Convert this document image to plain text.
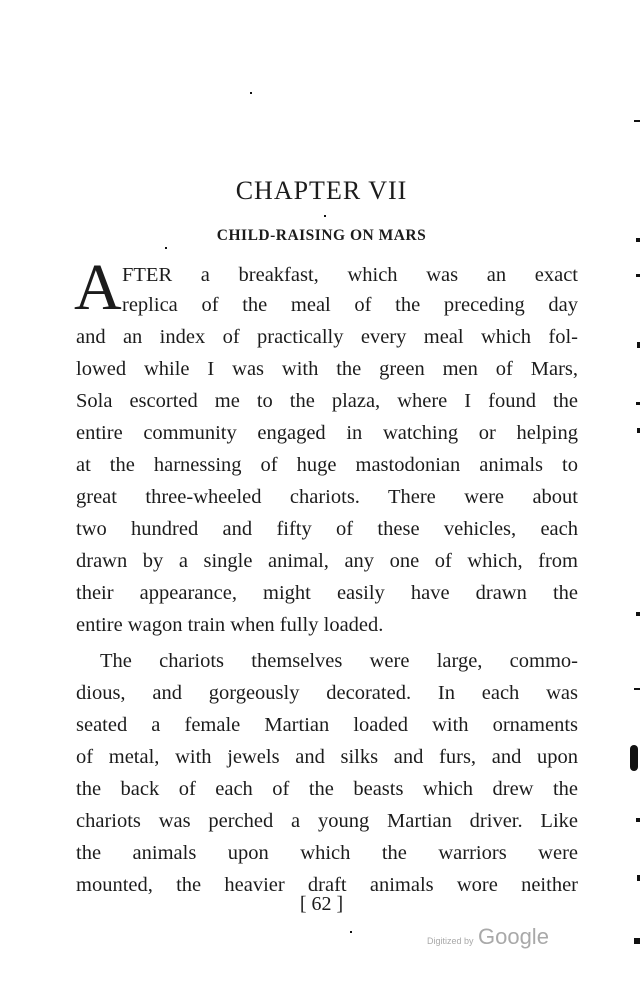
CHAPTER VII
CHILD-RAISING ON MARS
A FTER a breakfast, which was an exact
replica of the meal of the preceding day
and an index of practically every meal which fol-
lowed while I was with the green men of Mars,
Sola escorted me to the plaza, where I found the
entire community engaged in watching or helping
at the harnessing of huge mastodonian animals to
great three-wheeled chariots. There were about
two hundred and fifty of these vehicles, each
drawn by a single animal, any one of which, from
their appearance, might easily have drawn the
entire wagon train when fully loaded.
The chariots themselves were large, commo-
dious, and gorgeously decorated. In each was
seated a female Martian loaded with ornaments
of metal, with jewels and silks and furs, and upon
the back of each of the beasts which drew the
chariots was perched a young Martian driver. Like
the animals upon which the warriors were
mounted, the heavier draft animals wore neither
[ 62 ]
Digitized by Google
